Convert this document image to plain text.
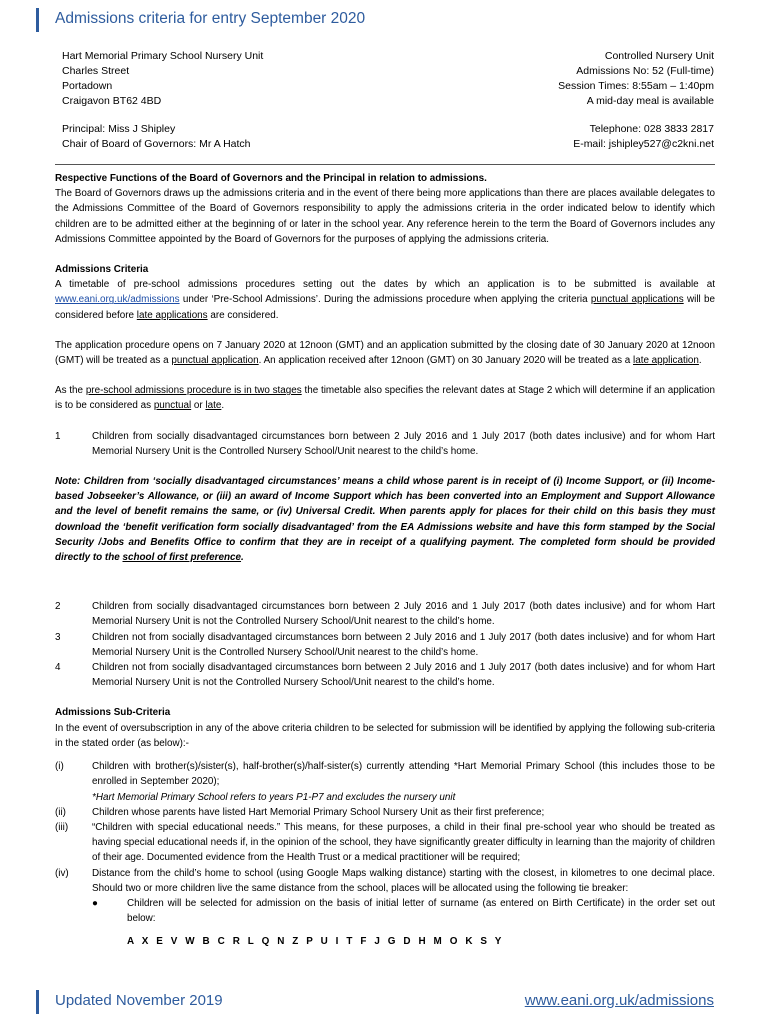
Admissions criteria for entry September 2020
Hart Memorial Primary School Nursery Unit
Charles Street
Portadown
Craigavon BT62 4BD
Controlled Nursery Unit
Admissions No: 52 (Full-time)
Session Times: 8:55am – 1:40pm
A mid-day meal is available
Principal: Miss J Shipley
Chair of Board of Governors: Mr A Hatch
Telephone: 028 3833 2817
E-mail: jshipley527@c2kni.net

Respective Functions of the Board of Governors and the Principal in relation to admissions.

The Board of Governors draws up the admissions criteria and in the event of there being more applications than there are places available delegates to the Admissions Committee of the Board of Governors responsibility to apply the admissions criteria in the order indicated below to identify which children are to be admitted either at the beginning of or later in the school year. Any reference herein to the term the Board of Governors includes any Admissions Committee appointed by the Board of Governors for the purposes of applying the admissions criteria.

Admissions Criteria

A timetable of pre-school admissions procedures setting out the dates by which an application is to be submitted is available at www.eani.org.uk/admissions under ‘Pre-School Admissions’. During the admissions procedure when applying the criteria punctual applications will be considered before late applications are considered.

The application procedure opens on 7 January 2020 at 12noon (GMT) and an application submitted by the closing date of 30 January 2020 at 12noon (GMT) will be treated as a punctual application. An application received after 12noon (GMT) on 30 January 2020 will be treated as a late application.

As the pre-school admissions procedure is in two stages the timetable also specifies the relevant dates at Stage 2 which will determine if an application is to be considered as punctual or late.

1	Children from socially disadvantaged circumstances born between 2 July 2016 and 1 July 2017 (both dates inclusive) and for whom Hart Memorial Nursery Unit is the Controlled Nursery School/Unit nearest to the child’s home.

Note: Children from ‘socially disadvantaged circumstances’ means a child whose parent is in receipt of (i) Income Support, or (ii) Income-based Jobseeker’s Allowance, or (iii) an award of Income Support which has been converted into an Employment and Support Allowance and the level of benefit remains the same, or (iv) Universal Credit. When parents apply for places for their child on this basis they must download the ‘benefit verification form socially disadvantaged’ from the EA Admissions website and have this form stamped by the Social Security /Jobs and Benefits Office to confirm that they are in receipt of a qualifying payment. The completed form should be provided directly to the school of first preference.

2	Children from socially disadvantaged circumstances born between 2 July 2016 and 1 July 2017 (both dates inclusive) and for whom Hart Memorial Nursery Unit is not the Controlled Nursery School/Unit nearest to the child’s home.
3	Children not from socially disadvantaged circumstances born between 2 July 2016 and 1 July 2017 (both dates inclusive) and for whom Hart Memorial Nursery Unit is the Controlled Nursery School/Unit nearest to the child’s home.
4	Children not from socially disadvantaged circumstances born between 2 July 2016 and 1 July 2017 (both dates inclusive) and for whom Hart Memorial Nursery Unit is not the Controlled Nursery School/Unit nearest to the child’s home.

Admissions Sub-Criteria

In the event of oversubscription in any of the above criteria children to be selected for submission will be identified by applying the following sub-criteria in the stated order (as below):-

(i)	Children with brother(s)/sister(s), half-brother(s)/half-sister(s) currently attending *Hart Memorial Primary School (this includes those to be enrolled in September 2020);
*Hart Memorial Primary School refers to years P1-P7 and excludes the nursery unit
(ii)	Children whose parents have listed Hart Memorial Primary School Nursery Unit as their first preference;
(iii)	“Children with special educational needs.” This means, for these purposes, a child in their final pre-school year who should be treated as having special educational needs if, in the opinion of the school, they have significantly greater difficulty in learning than the majority of children of their age. Documented evidence from the Health Trust or a medical practitioner will be required;
(iv)	Distance from the child’s home to school (using Google Maps walking distance) starting with the closest, in kilometres to one decimal place. Should two or more children live the same distance from the school, places will be allocated using the following tie breaker:
●	Children will be selected for admission on the basis of initial letter of surname (as entered on Birth Certificate) in the order set out below:

A X E V W B C R L Q N Z P U I T F J G D H M O K S Y

Updated November 2019	www.eani.org.uk/admissions
